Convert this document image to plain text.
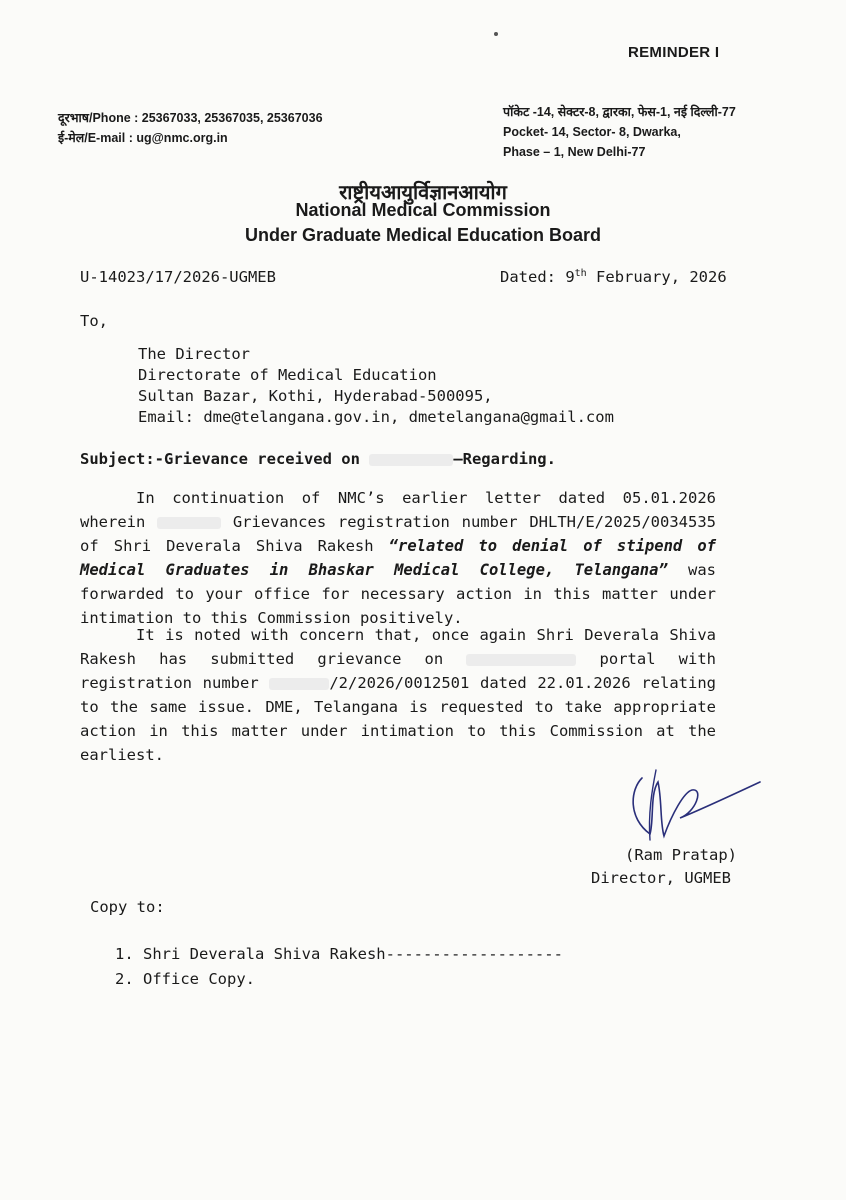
REMINDER I
दूरभाष/Phone : 25367033, 25367035, 25367036
ई-मेल/E-mail : ug@nmc.org.in
पॉकेट -14, सेक्टर-8, द्वारका, फेस-1, नई दिल्ली-77
Pocket- 14, Sector- 8, Dwarka,
Phase – 1, New Delhi-77
राष्ट्रीयआयुर्विज्ञानआयोग
National Medical Commission
Under Graduate Medical Education Board
U-14023/17/2026-UGMEB	Dated: 9th February, 2026
To,
The Director
Directorate of Medical Education
Sultan Bazar, Kothi, Hyderabad-500095,
Email: dme@telangana.gov.in, dmetelangana@gmail.com
Subject:-Grievance received on	–Regarding.
In continuation of NMC’s earlier letter dated 05.01.2026 wherein	Grievances registration number DHLTH/E/2025/0034535 of Shri Deverala Shiva Rakesh “related to denial of stipend of Medical Graduates in Bhaskar Medical College, Telangana” was forwarded to your office for necessary action in this matter under intimation to this Commission positively.
It is noted with concern that, once again Shri Deverala Shiva Rakesh has submitted grievance on	portal with registration number	/2/2026/0012501 dated 22.01.2026 relating to the same issue. DME, Telangana is requested to take appropriate action in this matter under intimation to this Commission at the earliest.
(Ram Pratap)
Director, UGMEB
Copy to:
1. Shri Deverala Shiva Rakesh-------------------
2. Office Copy.
